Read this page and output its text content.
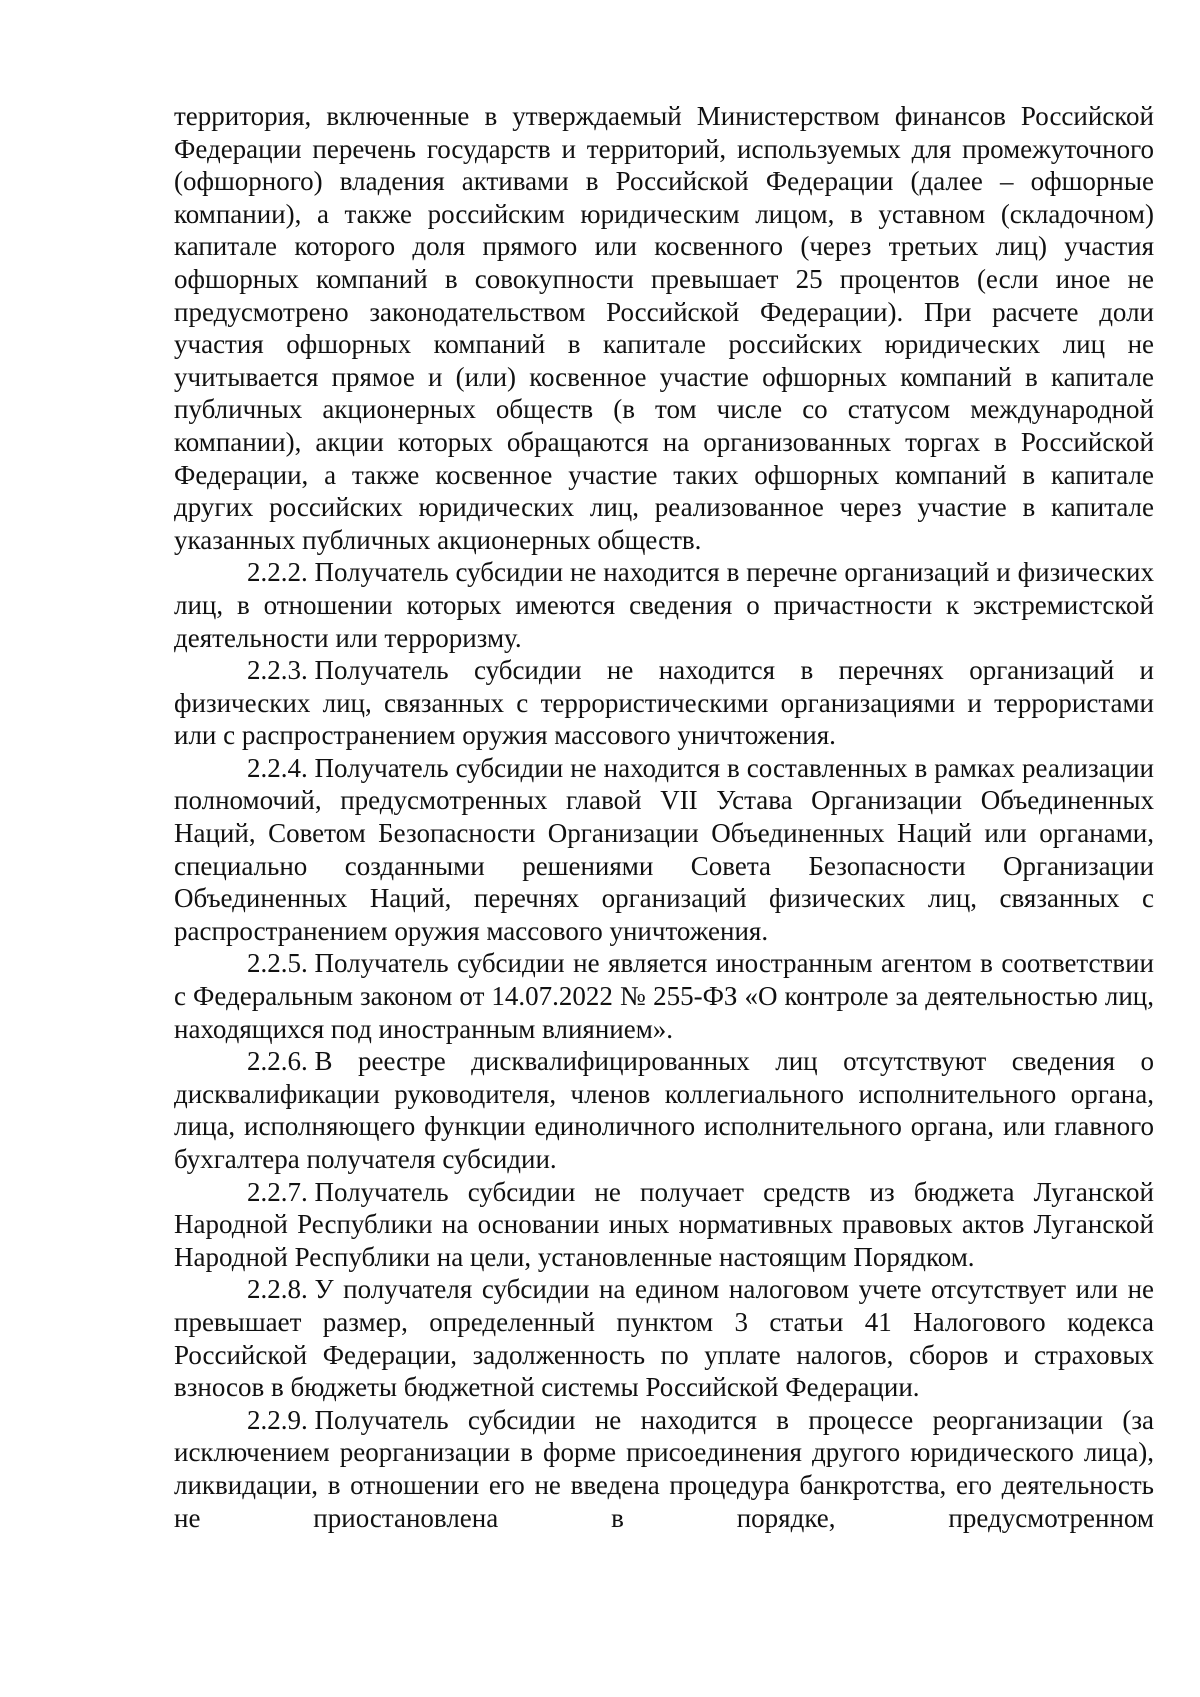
территория, включенные в утверждаемый Министерством финансов Российской Федерации перечень государств и территорий, используемых для промежуточного (офшорного) владения активами в Российской Федерации (далее – офшорные компании), а также российским юридическим лицом, в уставном (складочном) капитале которого доля прямого или косвенного (через третьих лиц) участия офшорных компаний в совокупности превышает 25 процентов (если иное не предусмотрено законодательством Российской Федерации). При расчете доли участия офшорных компаний в капитале российских юридических лиц не учитывается прямое и (или) косвенное участие офшорных компаний в капитале публичных акционерных обществ (в том числе со статусом международной компании), акции которых обращаются на организованных торгах в Российской Федерации, а также косвенное участие таких офшорных компаний в капитале других российских юридических лиц, реализованное через участие в капитале указанных публичных акционерных обществ.

2.2.2. Получатель субсидии не находится в перечне организаций и физических лиц, в отношении которых имеются сведения о причастности к экстремистской деятельности или терроризму.

2.2.3. Получатель субсидии не находится в перечнях организаций и физических лиц, связанных с террористическими организациями и террористами или с распространением оружия массового уничтожения.

2.2.4. Получатель субсидии не находится в составленных в рамках реализации полномочий, предусмотренных главой VII Устава Организации Объединенных Наций, Советом Безопасности Организации Объединенных Наций или органами, специально созданными решениями Совета Безопасности Организации Объединенных Наций, перечнях организаций физических лиц, связанных с распространением оружия массового уничтожения.

2.2.5. Получатель субсидии не является иностранным агентом в соответствии с Федеральным законом от 14.07.2022 № 255-ФЗ «О контроле за деятельностью лиц, находящихся под иностранным влиянием».

2.2.6. В реестре дисквалифицированных лиц отсутствуют сведения о дисквалификации руководителя, членов коллегиального исполнительного органа, лица, исполняющего функции единоличного исполнительного органа, или главного бухгалтера получателя субсидии.

2.2.7. Получатель субсидии не получает средств из бюджета Луганской Народной Республики на основании иных нормативных правовых актов Луганской Народной Республики на цели, установленные настоящим Порядком.

2.2.8. У получателя субсидии на едином налоговом учете отсутствует или не превышает размер, определенный пунктом 3 статьи 41 Налогового кодекса Российской Федерации, задолженность по уплате налогов, сборов и страховых взносов в бюджеты бюджетной системы Российской Федерации.

2.2.9. Получатель субсидии не находится в процессе реорганизации (за исключением реорганизации в форме присоединения другого юридического лица), ликвидации, в отношении его не введена процедура банкротства, его деятельность не приостановлена в порядке, предусмотренном
